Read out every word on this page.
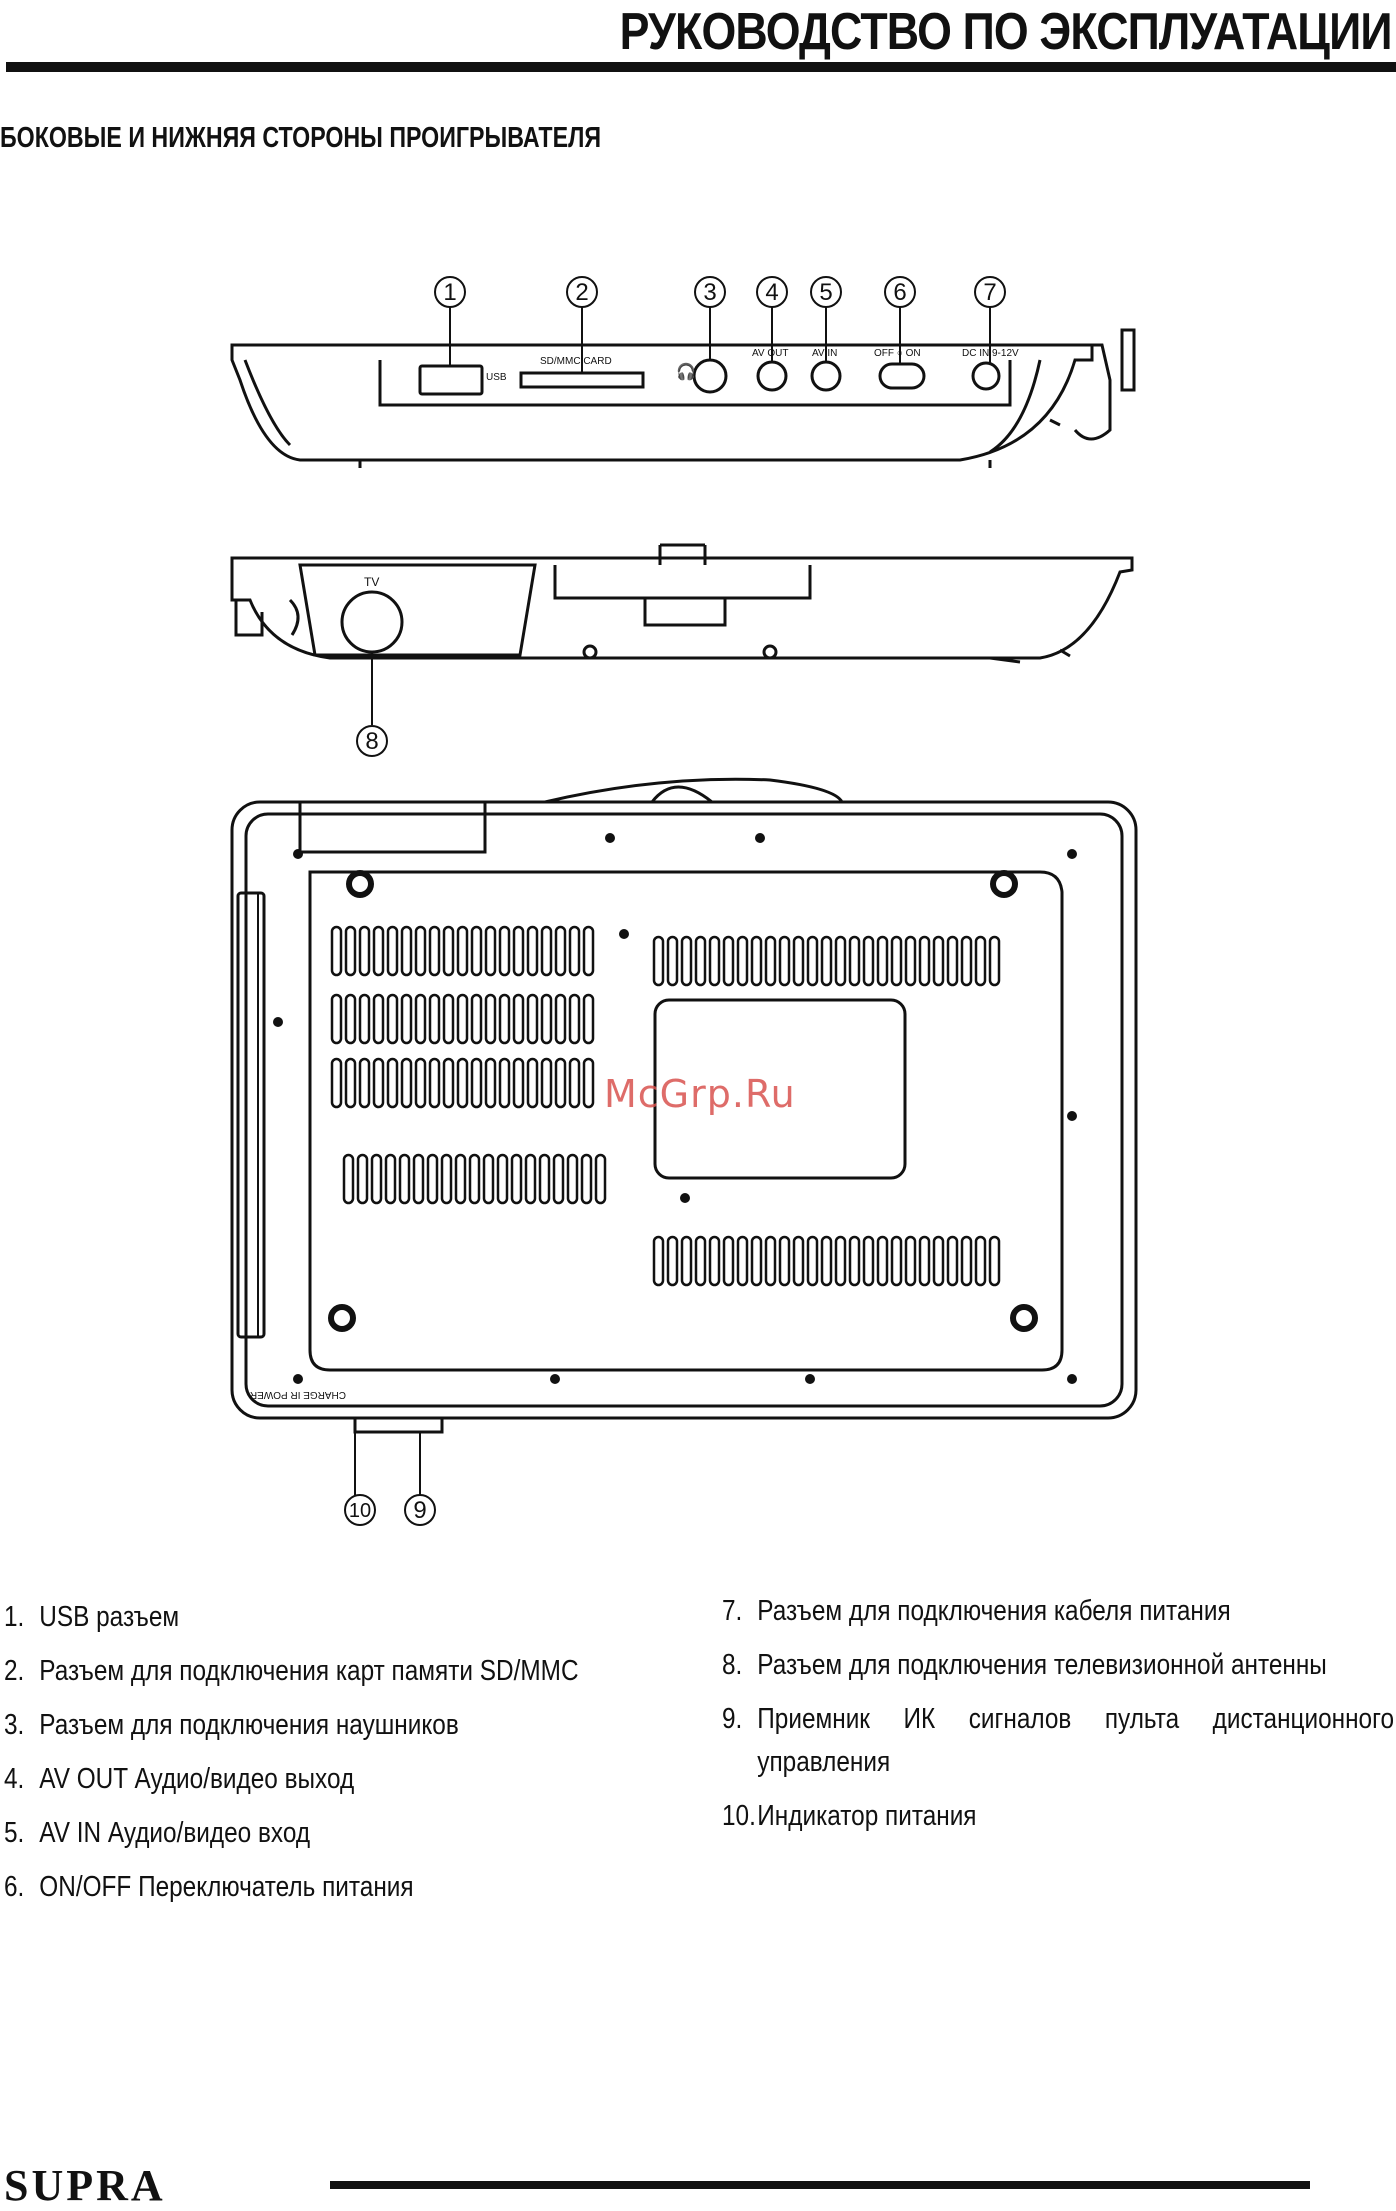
РУКОВОДСТВО ПО ЭКСПЛУАТАЦИИ
БОКОВЫЕ И НИЖНЯЯ СТОРОНЫ ПРОИГРЫВАТЕЛЯ
1	2	3 4 5	6	7
8
9
10
USB
SD/MMC CARD
AV OUT AV IN	OFF ○ ON	DC IN 9-12V
TV
CHARGE IR POWER
🎧
McGrp.Ru
1. USB разъем
2. Разъем для подключения карт памяти SD/MMC
3. Разъем для подключения наушников
4. AV OUT Аудио/видео выход
5. AV IN Аудио/видео вход
6. ON/OFF Переключатель питания
7. Разъем для подключения кабеля питания
8. Разъем для подключения телевизионной антенны
9. Приемник ИК сигналов пульта дистанционного управления
10. Индикатор питания
SUPRA
